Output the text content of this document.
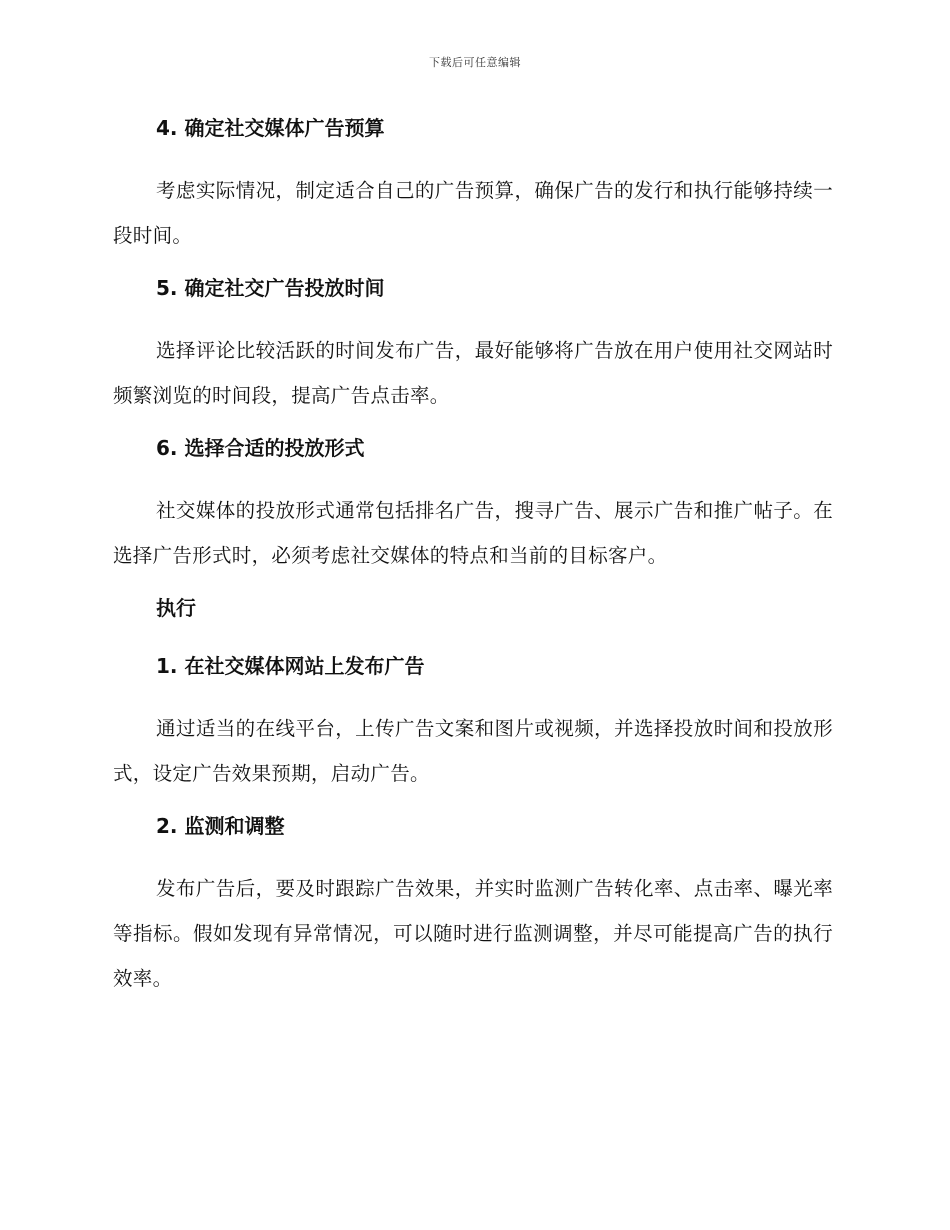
下载后可任意编辑
4. 确定社交媒体广告预算

考虑实际情况，制定适合自己的广告预算，确保广告的发行和执行能够持续一段时间。

5. 确定社交广告投放时间

选择评论比较活跃的时间发布广告，最好能够将广告放在用户使用社交网站时频繁浏览的时间段，提高广告点击率。

6. 选择合适的投放形式

社交媒体的投放形式通常包括排名广告，搜寻广告、展示广告和推广帖子。在选择广告形式时，必须考虑社交媒体的特点和当前的目标客户。

执行
1. 在社交媒体网站上发布广告

通过适当的在线平台，上传广告文案和图片或视频，并选择投放时间和投放形式，设定广告效果预期，启动广告。

2. 监测和调整

发布广告后，要及时跟踪广告效果，并实时监测广告转化率、点击率、曝光率等指标。假如发现有异常情况，可以随时进行监测调整，并尽可能提高广告的执行效率。
